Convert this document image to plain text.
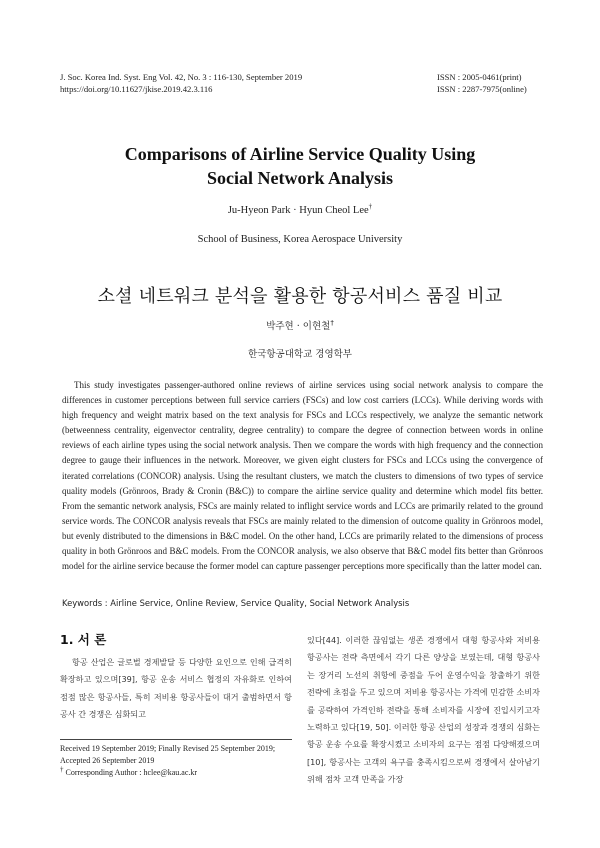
J. Soc. Korea Ind. Syst. Eng Vol. 42, No. 3 : 116-130, September 2019
https://doi.org/10.11627/jkise.2019.42.3.116
ISSN : 2005-0461(print)
ISSN : 2287-7975(online)
Comparisons of Airline Service Quality Using
Social Network Analysis
Ju-Hyeon Park · Hyun Cheol Lee†
School of Business, Korea Aerospace University
소셜 네트워크 분석을 활용한 항공서비스 품질 비교
박주현 · 이현철†
한국항공대학교 경영학부

This study investigates passenger-authored online reviews of airline services using social network analysis to compare the differences in customer perceptions between full service carriers (FSCs) and low cost carriers (LCCs). While deriving words with high frequency and weight matrix based on the text analysis for FSCs and LCCs respectively, we analyze the semantic network (betweenness centrality, eigenvector centrality, degree centrality) to compare the degree of connection between words in online reviews of each airline types using the social network analysis. Then we compare the words with high frequency and the connection degree to gauge their influences in the network. Moreover, we given eight clusters for FSCs and LCCs using the convergence of iterated correlations (CONCOR) analysis. Using the resultant clusters, we match the clusters to dimensions of two types of service quality models (Grönroos, Brady & Cronin (B&C)) to compare the airline service quality and determine which model fits better. From the semantic network analysis, FSCs are mainly related to inflight service words and LCCs are primarily related to the ground service words. The CONCOR analysis reveals that FSCs are mainly related to the dimension of outcome quality in Grönroos model, but evenly distributed to the dimensions in B&C model. On the other hand, LCCs are primarily related to the dimensions of process quality in both Grönroos and B&C models. From the CONCOR analysis, we also observe that B&C model fits better than Grönroos model for the airline service because the former model can capture passenger perceptions more specifically than the latter model can.

Keywords : Airline Service, Online Review, Service Quality, Social Network Analysis
1. 서 론

항공 산업은 글로벌 경제발달 등 다양한 요인으로 인해 급격히 확장하고 있으며[39], 항공 운송 서비스 협정의 자유화로 인하여 점점 많은 항공사들, 특히 저비용 항공사들이 대거 출범하면서 항공사 간 경쟁은 심화되고

있다[44]. 이러한 끊임없는 생존 경쟁에서 대형 항공사와 저비용 항공사는 전략 측면에서 각기 다른 양상을 보였는데, 대형 항공사는 장거리 노선의 취항에 중점을 두어 운영수익을 창출하기 위한 전략에 초점을 두고 있으며 저비용 항공사는 가격에 민감한 소비자를 공략하여 가격인하 전략을 통해 소비자를 시장에 진입시키고자 노력하고 있다[19, 50]. 이러한 항공 산업의 성장과 경쟁의 심화는 항공 운송 수요를 확장시켰고 소비자의 요구는 점점 다양해졌으며[10], 항공사는 고객의 욕구를 충족시킴으로써 경쟁에서 살아남기 위해 점차 고객 만족을 가장

Received 19 September 2019; Finally Revised 25 September 2019; Accepted 26 September 2019
† Corresponding Author : hclee@kau.ac.kr
